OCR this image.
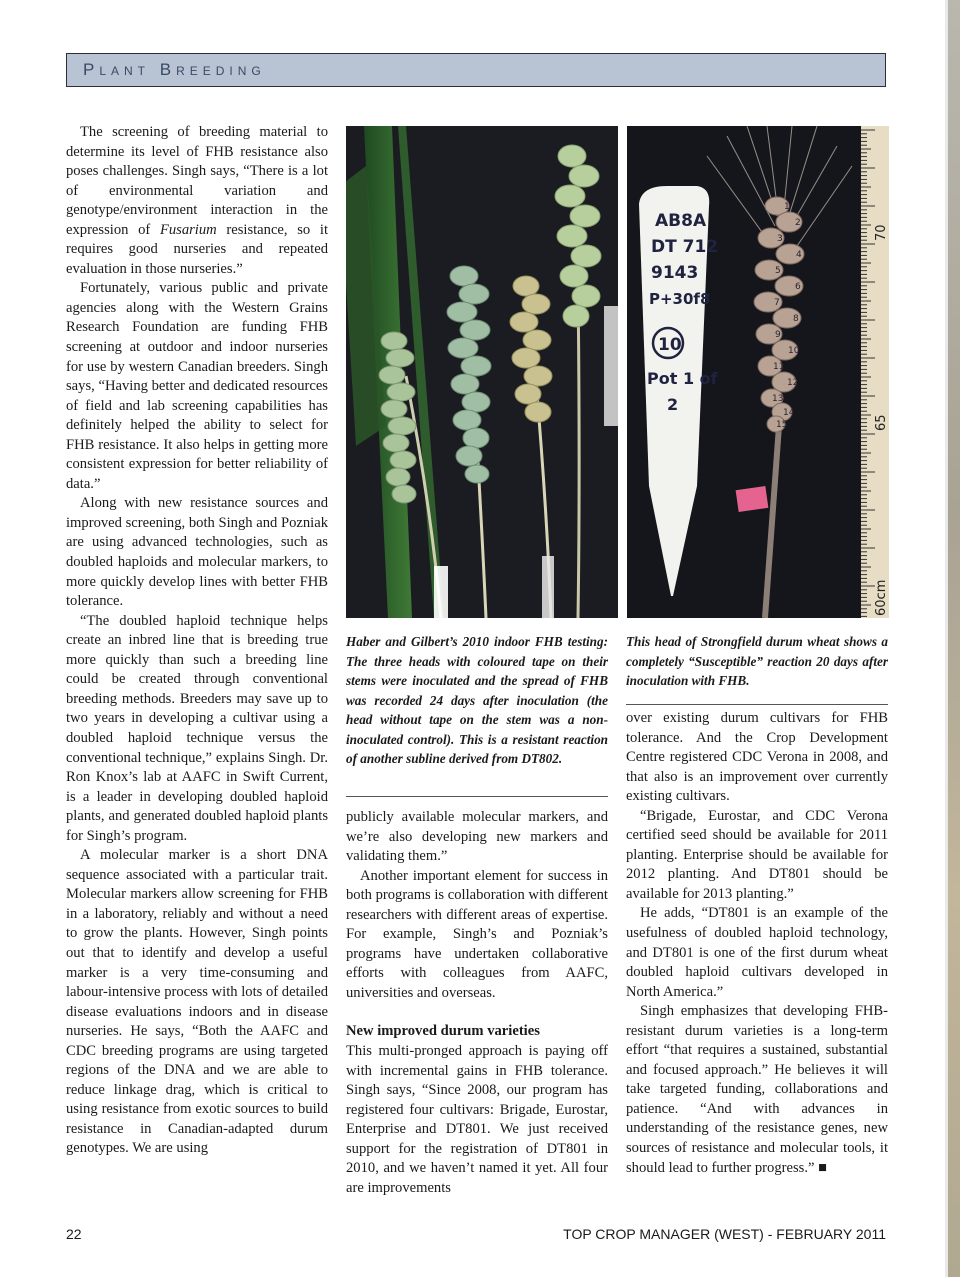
Plant Breeding

The screening of breeding material to determine its level of FHB resistance also poses challenges. Singh says, “There is a lot of environmental variation and genotype/environment interaction in the expression of Fusarium resistance, so it requires good nurseries and repeated evaluation in those nurseries.”

Fortunately, various public and private agencies along with the Western Grains Research Foundation are funding FHB screening at outdoor and indoor nurseries for use by western Canadian breeders. Singh says, “Having better and dedicated resources of field and lab screening capabilities has definitely helped the ability to select for FHB resistance. It also helps in getting more consistent expression for better reliability of data.”

Along with new resistance sources and improved screening, both Singh and Pozniak are using advanced technologies, such as doubled haploids and molecular markers, to more quickly develop lines with better FHB tolerance.

“The doubled haploid technique helps create an inbred line that is breeding true more quickly than such a breeding line could be created through conventional breeding methods. Breeders may save up to two years in developing a cultivar using a doubled haploid technique versus the conventional technique,” explains Singh. Dr. Ron Knox’s lab at AAFC in Swift Current, is a leader in developing doubled haploid plants, and generated doubled haploid plants for Singh’s program.

A molecular marker is a short DNA sequence associated with a particular trait. Molecular markers allow screening for FHB in a laboratory, reliably and without a need to grow the plants. However, Singh points out that to identify and develop a useful marker is a very time-consuming and labour-intensive process with lots of detailed disease evaluations indoors and in disease nurseries. He says, “Both the AAFC and CDC breeding programs are using targeted regions of the DNA and we are able to reduce linkage drag, which is critical to using resistance from exotic sources to build resistance in Canadian-adapted durum genotypes. We are using

AB8A
DT 712
9143
P+30f8
10
Pot 1 of
2
1
2
3
4
5
6
7
8
9
10
11
12
13
14
15
70
65
60cm
Haber and Gilbert’s 2010 indoor FHB testing: The three heads with coloured tape on their stems were inoculated and the spread of FHB was recorded 24 days after inoculation (the head without tape on the stem was a non-inoculated control). This is a resistant reaction of another subline derived from DT802.
This head of Strongfield durum wheat shows a completely “Susceptible” reaction 20 days after inoculation with FHB.

publicly available molecular markers, and we’re also developing new markers and validating them.”

Another important element for success in both programs is collaboration with different researchers with different areas of expertise. For example, Singh’s and Pozniak’s programs have undertaken collaborative efforts with colleagues from AAFC, universities and overseas.

New improved durum varieties

This multi-pronged approach is paying off with incremental gains in FHB tolerance. Singh says, “Since 2008, our program has registered four cultivars: Brigade, Eurostar, Enterprise and DT801. We just received support for the registration of DT801 in 2010, and we haven’t named it yet. All four are improvements

over existing durum cultivars for FHB tolerance. And the Crop Development Centre registered CDC Verona in 2008, and that also is an improvement over currently existing cultivars.

“Brigade, Eurostar, and CDC Verona certified seed should be available for 2011 planting. Enterprise should be available for 2012 planting. And DT801 should be available for 2013 planting.”

He adds, “DT801 is an example of the usefulness of doubled haploid technology, and DT801 is one of the first durum wheat doubled haploid cultivars developed in North America.”

Singh emphasizes that developing FHB-resistant durum varieties is a long-term effort “that requires a sustained, substantial and focused approach.” He believes it will take targeted funding, collaborations and patience. “And with advances in understanding of the resistance genes, new sources of resistance and molecular tools, it should lead to further progress.” ■

22	TOP CROP MANAGER (WEST) - FEBRUARY 2011
